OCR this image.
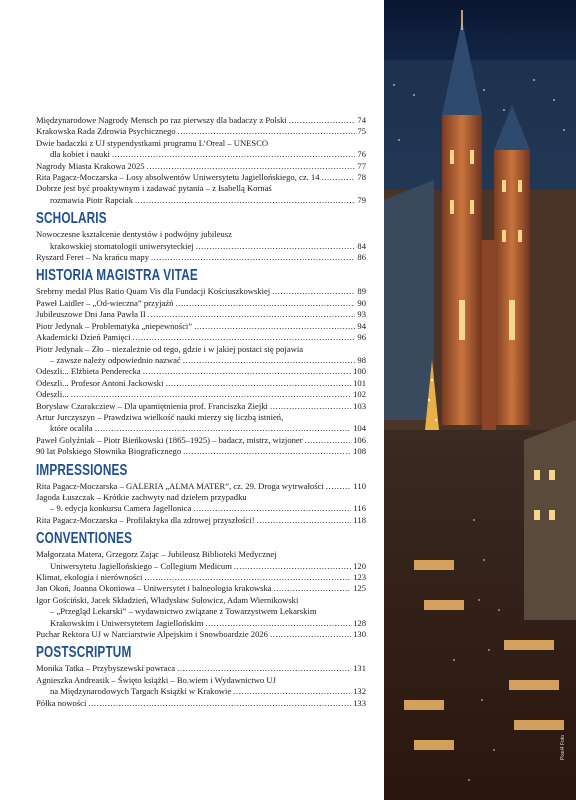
Międzynarodowe Nagrody Mensch po raz pierwszy dla badaczy z Polski .....	74
Krakowska Rada Zdrowia Psychicznego .....	75
Dwie badaczki z UJ stypendystkami programu L’Oreal – UNESCO
dla kobiet i nauki .....	76
Nagrody Miasta Krakowa 2025 .....	77
Rita Pagacz-Moczarska – Losy absolwentów Uniwersytetu Jagiellońskiego, cz. 14 .....	78
Dobrze jest być proaktywnym i zadawać pytania – z Isabellą Kornaś
rozmawia Piotr Rapciak .....	79
SCHOLARIS
Nowoczesne kształcenie dentystów i podwójny jubileusz
krakowskiej stomatologii uniwersyteckiej .....	84
Ryszard Feret – Na krańcu mapy .....	86
HISTORIA MAGISTRA VITAE
Srebrny medal Plus Ratio Quam Vis dla Fundacji Kościuszkowskiej .....	89
Paweł Laidler – „Od-wieczna” przyjaźń .....	90
Jubileuszowe Dni Jana Pawła II .....	93
Piotr Jedynak – Problematyka „niepewności” .....	94
Akademicki Dzień Pamięci .....	96
Piotr Jedynak – Zło – niezależnie od tego, gdzie i w jakiej postaci się pojawia
– zawsze należy odpowiednio nazwać .....	98
Odeszli... Elżbieta Penderecka .....	100
Odeszli... Profesor Antoni Jackowski .....	101
Odeszli... .....	102
Borysław Czarakcziew – Dla upamiętnienia prof. Franciszka Ziejki .....	103
Artur Jurczyszyn – Prawdziwa wielkość nauki mierzy się liczbą istnień,
które ocaliła .....	104
Paweł Golyźniak – Piotr Bieńkowski (1865–1925) – badacz, mistrz, wizjoner .....	106
90 lat Polskiego Słownika Biograficznego .....	108
IMPRESSIONES
Rita Pagacz-Moczarska – GALERIA „ALMA MATER”, cz. 29. Droga wytrwałości .....	110
Jagoda Łuszczak – Krótkie zachwyty nad dziełem przypadku
– 9. edycja konkursu Camera Jagellonica .....	116
Rita Pagacz-Moczarska – Profilaktyka dla zdrowej przyszłości! .....	118
CONVENTIONES
Małgorzata Matera, Grzegorz Zając – Jubileusz Biblioteki Medycznej
Uniwersytetu Jagiellońskiego – Collegium Medicum .....	120
Klimat, ekologia i nierówności .....	123
Jan Okoń, Joanna Okoniowa – Uniwersytet i balneologia krakowska .....	125
Igor Gościński, Jacek Składzień, Władysław Sułowicz, Adam Wiernikowski
– „Przegląd Lekarski” – wydawnictwo związane z Towarzystwem Lekarskim
Krakowskim i Uniwersytetem Jagiellońskim .....	128
Puchar Rektora UJ w Narciarstwie Alpejskim i Snowboardzie 2026 .....	130
POSTSCRIPTUM
Monika Tatka – Przybyszewski powraca .....	131
Agnieszka Andreasik – Święto książki – Bo.wiem i Wydawnictwo UJ
na Międzynarodowych Targach Książki w Krakowie .....	132
Półka nowości .....	133
Pixel4 Foto
